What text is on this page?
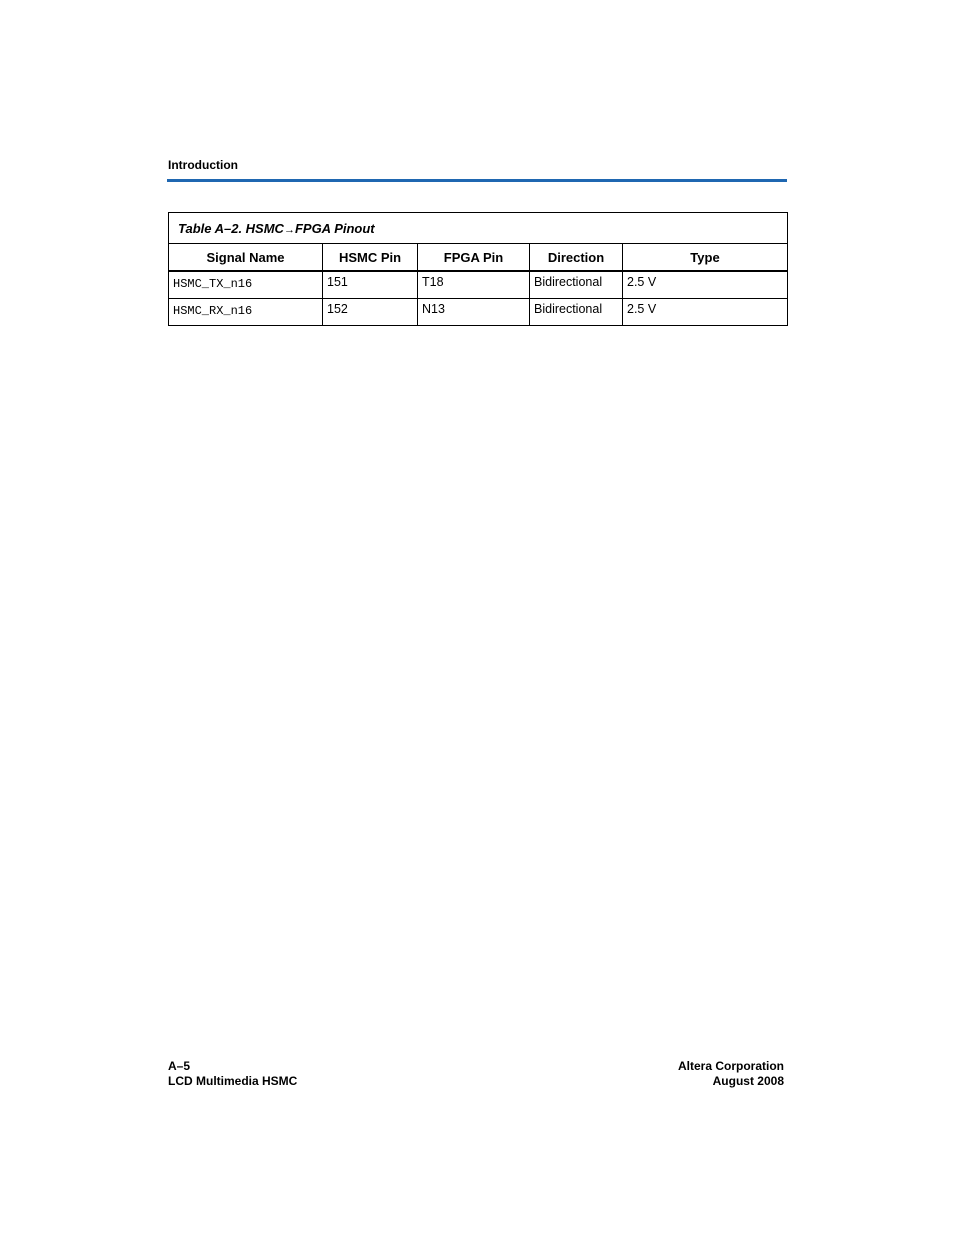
Introduction
Table A–2. HSMC→FPGA Pinout				
Signal Name	HSMC Pin	FPGA Pin	Direction	Type
HSMC_TX_n16	151	T18	Bidirectional	2.5 V
HSMC_RX_n16	152	N13	Bidirectional	2.5 V
A–5
LCD Multimedia HSMC
Altera Corporation
August 2008
